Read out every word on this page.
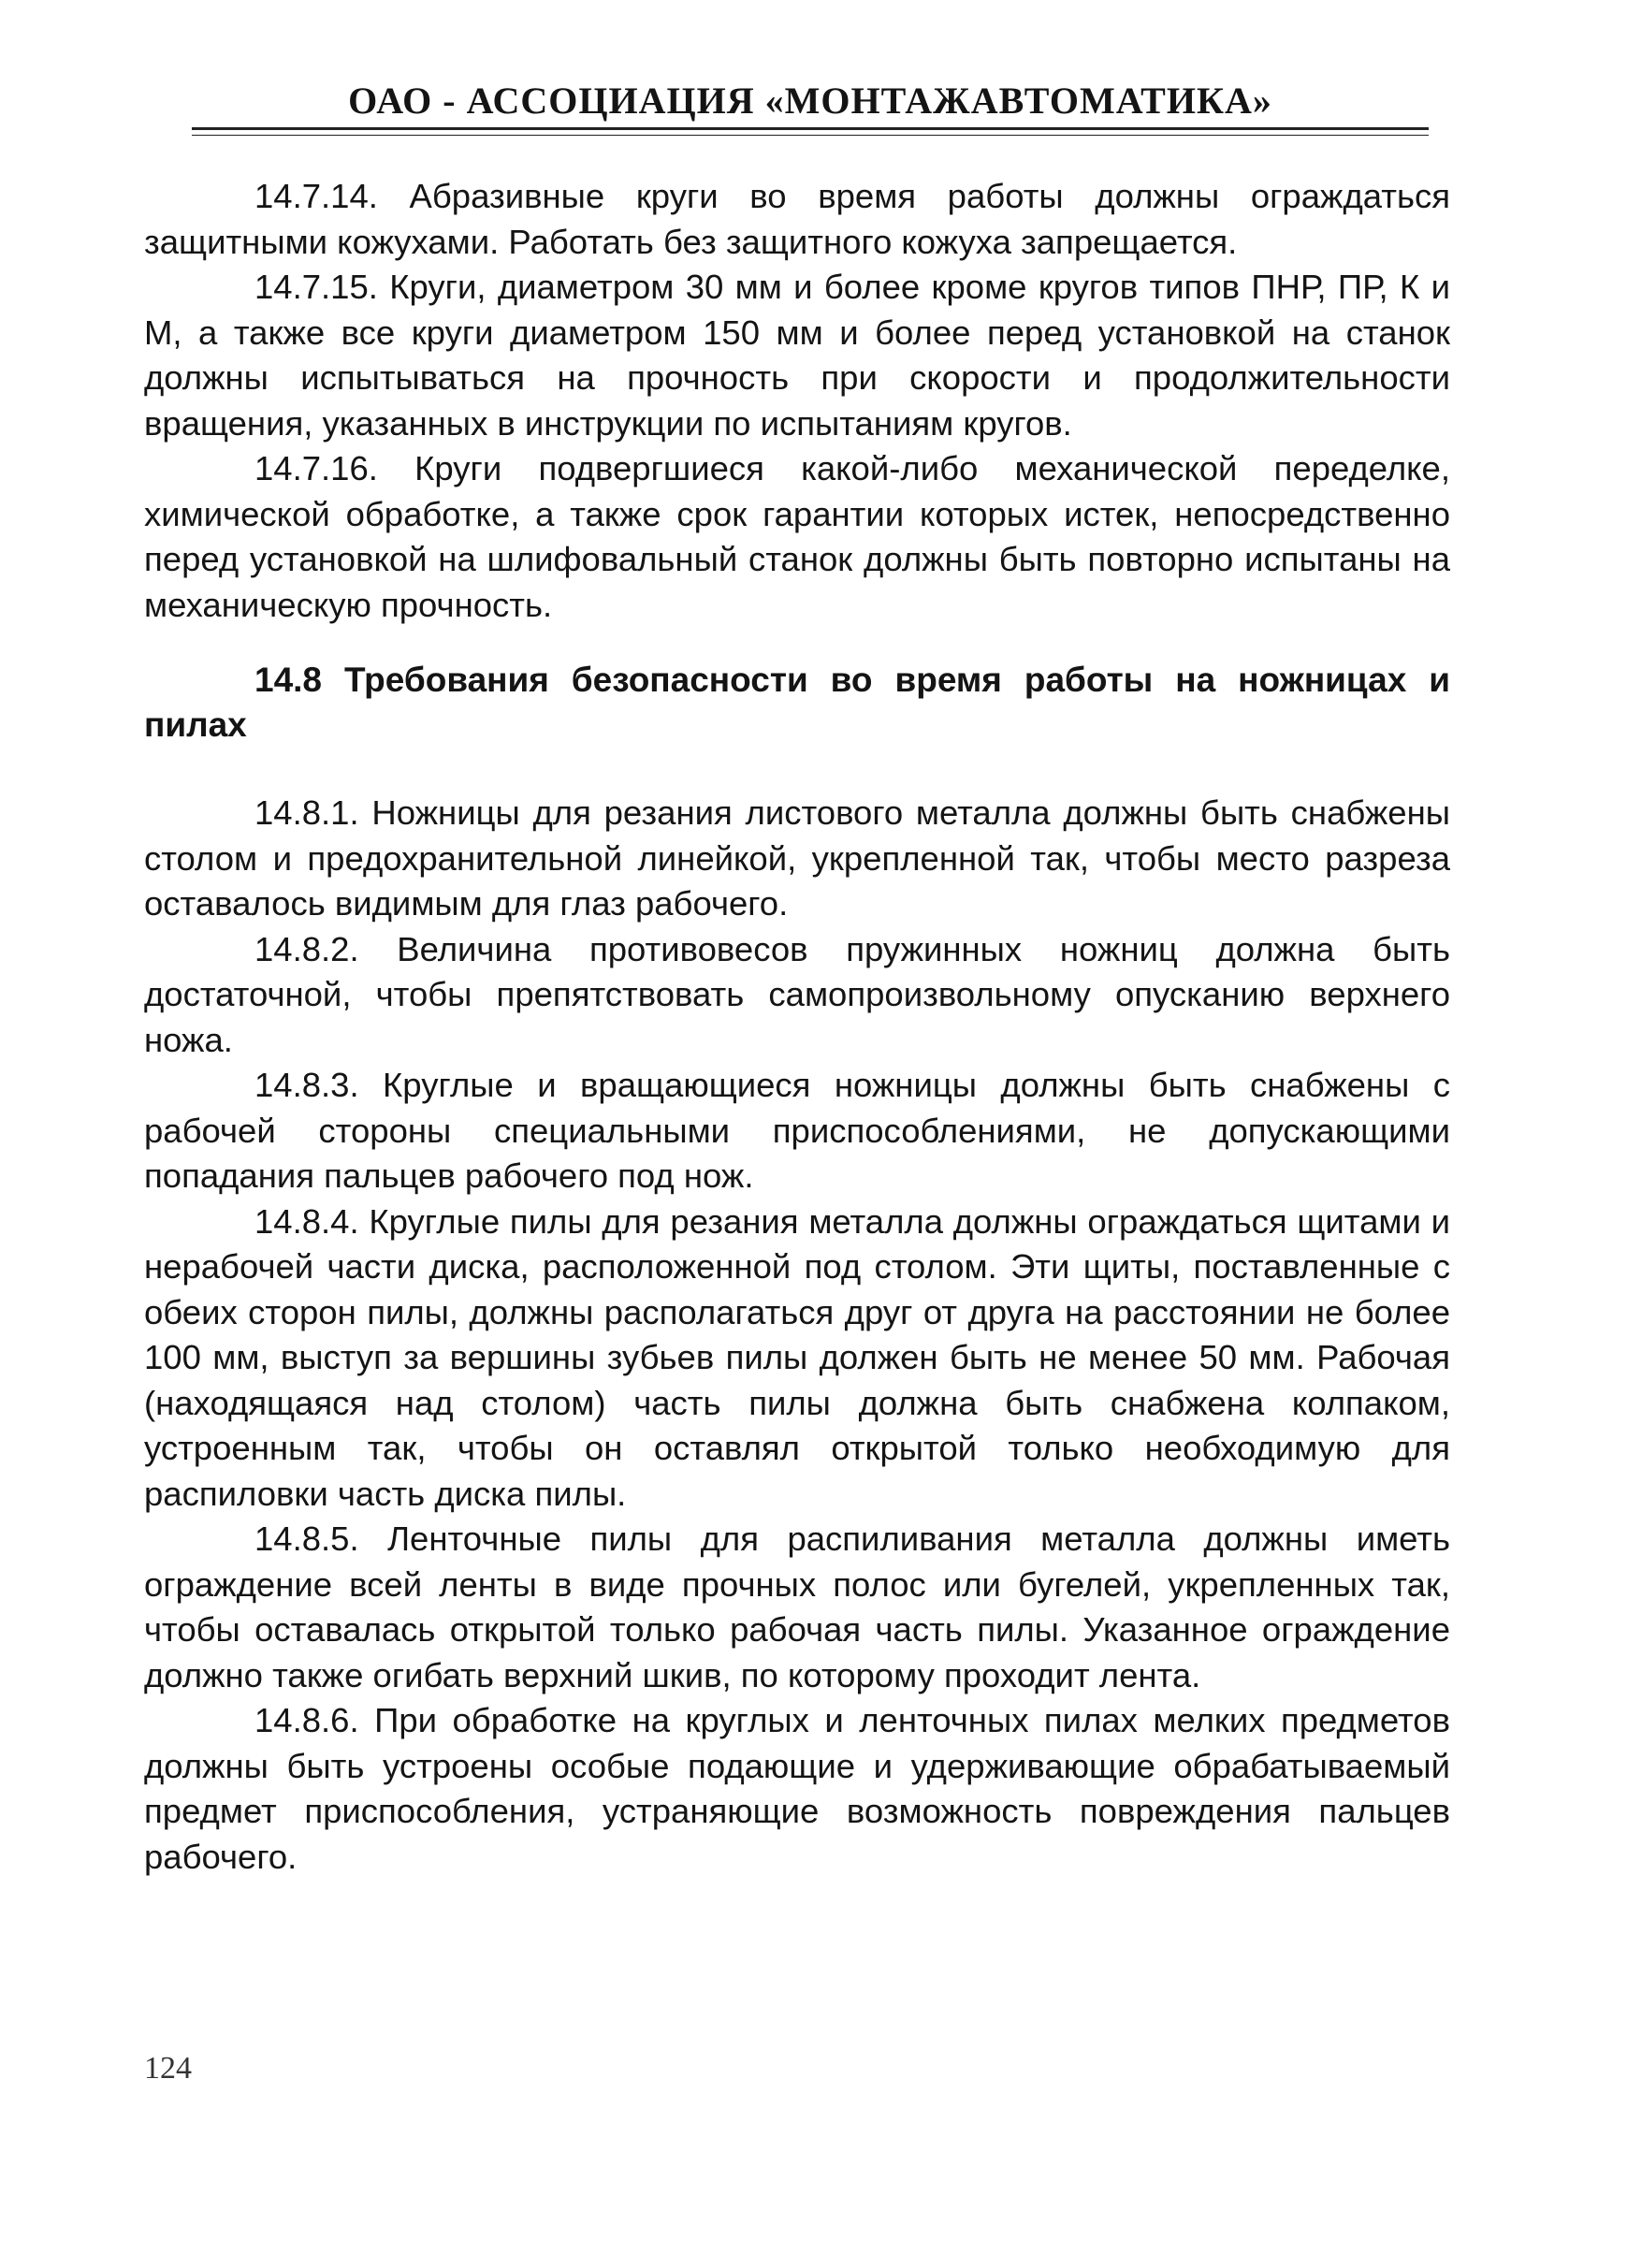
ОАО - АССОЦИАЦИЯ «МОНТАЖАВТОМАТИКА»

14.7.14. Абразивные круги во время работы должны ограждаться защитными кожухами. Работать без защитного кожуха запрещается.

14.7.15. Круги, диаметром 30 мм и более кроме кругов типов ПНР, ПР, К и М, а также все круги диаметром 150 мм и более перед установкой на станок должны испытываться на прочность при скорости и продолжительности вращения, указанных в инструкции по испытаниям кругов.

14.7.16. Круги подвергшиеся какой-либо механической переделке, химической обработке, а также срок гарантии которых истек, непосредственно перед установкой на шлифовальный станок должны быть повторно испытаны на механическую прочность.

14.8 Требования безопасности во время работы на ножницах и пилах

14.8.1. Ножницы для резания листового металла должны быть снабжены столом и предохранительной линейкой, укрепленной так, чтобы место разреза оставалось видимым для глаз рабочего.

14.8.2. Величина противовесов пружинных ножниц должна быть достаточной, чтобы препятствовать самопроизвольному опусканию верхнего ножа.

14.8.3. Круглые и вращающиеся ножницы должны быть снабжены с рабочей стороны специальными приспособлениями, не допускающими попадания пальцев рабочего под нож.

14.8.4. Круглые пилы для резания металла должны ограждаться щитами и нерабочей части диска, расположенной под столом. Эти щиты, поставленные с обеих сторон пилы, должны располагаться друг от друга на расстоянии не более 100 мм, выступ за вершины зубьев пилы должен быть не менее 50 мм. Рабочая (находящаяся над столом) часть пилы должна быть снабжена колпаком, устроенным так, чтобы он оставлял открытой только необходимую для распиловки часть диска пилы.

14.8.5. Ленточные пилы для распиливания металла должны иметь ограждение всей ленты в виде прочных полос или бугелей, укрепленных так, чтобы оставалась открытой только рабочая часть пилы. Указанное ограждение должно также огибать верхний шкив, по которому проходит лента.

14.8.6. При обработке на круглых и ленточных пилах мелких предметов должны быть устроены особые подающие и удерживающие обрабатываемый предмет приспособления, устраняющие возможность повреждения пальцев рабочего.

124
